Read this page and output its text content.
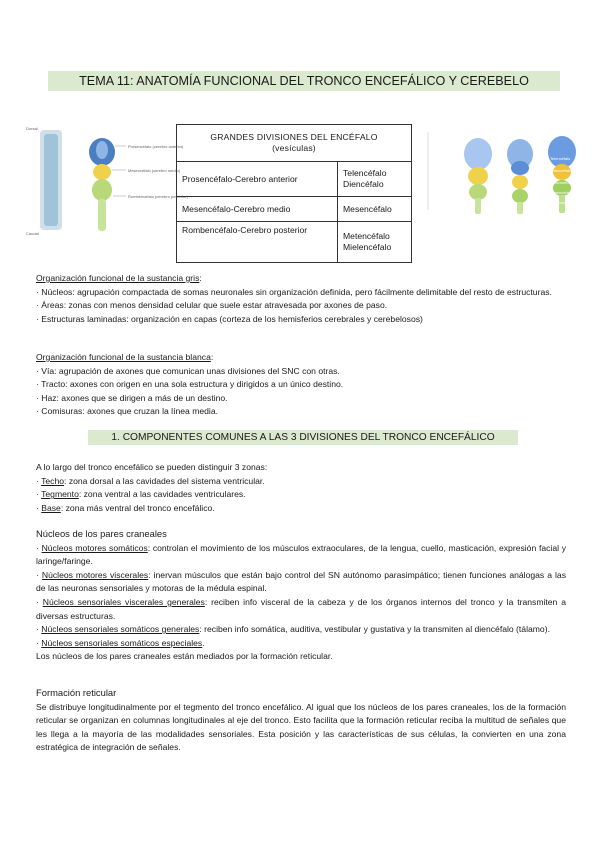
TEMA 11: ANATOMÍA FUNCIONAL DEL TRONCO ENCEFÁLICO Y CEREBELO
Dorsal
Caudal
Prosencéfalo (cerebro anterior)
Mesencéfalo (cerebro medio)
Rombencéfalo (cerebro posterior)
GRANDES DIVISIONES DEL ENCÉFALO
(vesículas)	

Prosencéfalo-Cerebro anterior	Telencéfalo
Diencéfalo

Mesencéfalo-Cerebro medio	Mesencéfalo

Rombencéfalo-Cerebro posterior	Metencéfalo
Mielencéfalo
Telencéfalo
Diencéfalo
Mesencéfalo
Metencéfalo
Mielencéfalo

Organización funcional de la sustancia gris:

· Núcleos: agrupación compactada de somas neuronales sin organización definida, pero fácilmente delimitable del resto de estructuras.

· Áreas: zonas con menos densidad celular que suele estar atravesada por axones de paso.

· Estructuras laminadas: organización en capas (corteza de los hemisferios cerebrales y cerebelosos)

Organización funcional de la sustancia blanca:

· Vía: agrupación de axones que comunican unas divisiones del SNC con otras.

· Tracto: axones con origen en una sola estructura y dirigidos a un único destino.

· Haz: axones que se dirigen a más de un destino.

· Comisuras: axones que cruzan la línea media.

1. COMPONENTES COMUNES A LAS 3 DIVISIONES DEL TRONCO ENCEFÁLICO

A lo largo del tronco encefálico se pueden distinguir 3 zonas:

· Techo: zona dorsal a las cavidades del sistema ventricular.

· Tegmento: zona ventral a las cavidades ventriculares.

· Base: zona más ventral del tronco encefálico.

Núcleos de los pares craneales

· Núcleos motores somáticos: controlan el movimiento de los músculos extraoculares, de la lengua, cuello, masticación, expresión facial y laringe/faringe.

· Núcleos motores viscerales: inervan músculos que están bajo control del SN autónomo parasimpático; tienen funciones análogas a las de las neuronas sensoriales y motoras de la médula espinal.

· Núcleos sensoriales viscerales generales: reciben info visceral de la cabeza y de los órganos internos del tronco y la transmiten a diversas estructuras.

· Núcleos sensoriales somáticos generales: reciben info somática, auditiva, vestibular y gustativa y la transmiten al diencéfalo (tálamo).

· Núcleos sensoriales somáticos especiales.

Los núcleos de los pares craneales están mediados por la formación reticular.

Formación reticular

Se distribuye longitudinalmente por el tegmento del tronco encefálico. Al igual que los núcleos de los pares craneales, los de la formación reticular se organizan en columnas longitudinales al eje del tronco. Esto facilita que la formación reticular reciba la multitud de señales que les llega a la mayoría de las modalidades sensoriales. Esta posición y las características de sus células, la convierten en una zona estratégica de integración de señales.
